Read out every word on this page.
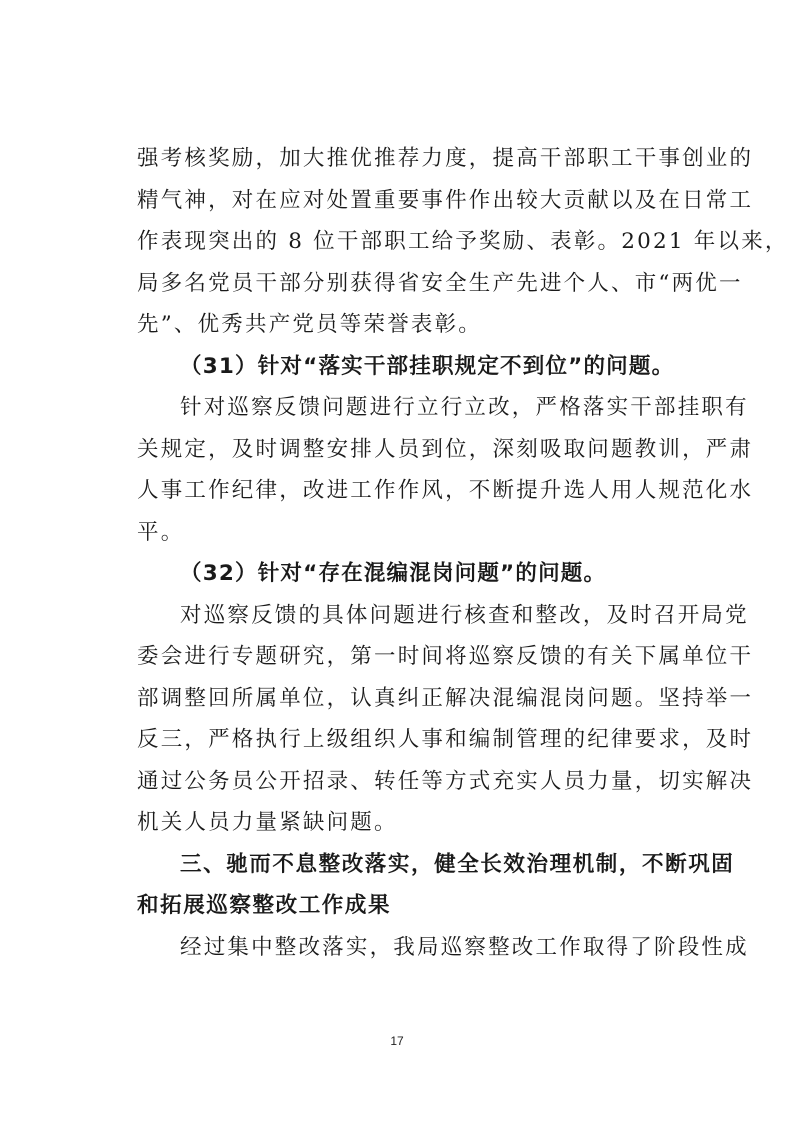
强考核奖励，加大推优推荐力度，提高干部职工干事创业的
精气神，对在应对处置重要事件作出较大贡献以及在日常工
作表现突出的 8 位干部职工给予奖励、表彰。2021 年以来，
局多名党员干部分别获得省安全生产先进个人、市“两优一
先”、优秀共产党员等荣誉表彰。
（31）针对“落实干部挂职规定不到位”的问题。
针对巡察反馈问题进行立行立改，严格落实干部挂职有
关规定，及时调整安排人员到位，深刻吸取问题教训，严肃
人事工作纪律，改进工作作风，不断提升选人用人规范化水
平。
（32）针对“存在混编混岗问题”的问题。
对巡察反馈的具体问题进行核查和整改，及时召开局党
委会进行专题研究，第一时间将巡察反馈的有关下属单位干
部调整回所属单位，认真纠正解决混编混岗问题。坚持举一
反三，严格执行上级组织人事和编制管理的纪律要求，及时
通过公务员公开招录、转任等方式充实人员力量，切实解决
机关人员力量紧缺问题。
三、驰而不息整改落实，健全长效治理机制，不断巩固
和拓展巡察整改工作成果
经过集中整改落实，我局巡察整改工作取得了阶段性成
17
